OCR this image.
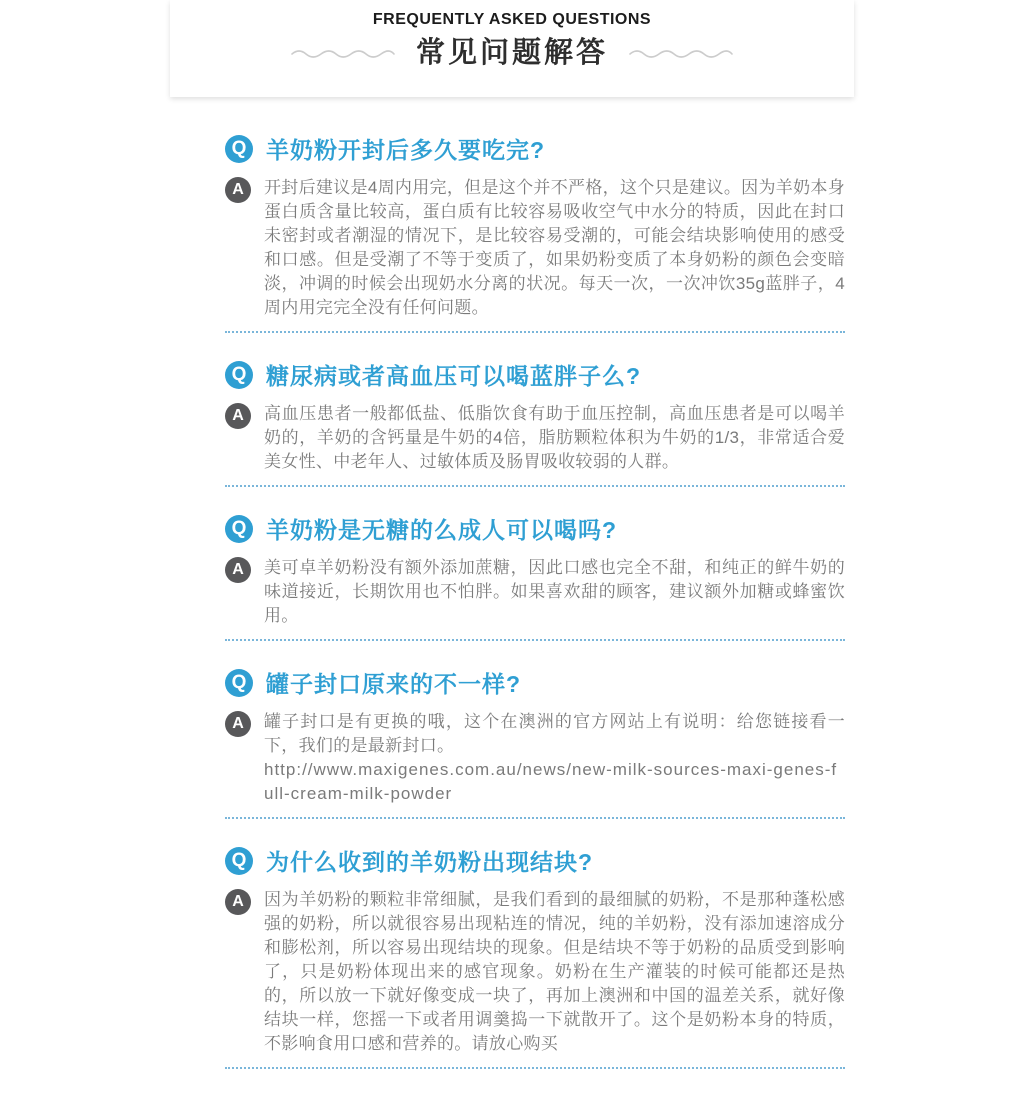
FREQUENTLY ASKED QUESTIONS
常见问题解答
Q 羊奶粉开封后多久要吃完?
A	开封后建议是4周内用完，但是这个并不严格，这个只是建议。因为羊奶本身蛋白质含量比较高，蛋白质有比较容易吸收空气中水分的特质，因此在封口未密封或者潮湿的情况下，是比较容易受潮的，可能会结块影响使用的感受和口感。但是受潮了不等于变质了，如果奶粉变质了本身奶粉的颜色会变暗淡，冲调的时候会出现奶水分离的状况。每天一次，一次冲饮35g蓝胖子，4周内用完完全没有任何问题。
Q 糖尿病或者高血压可以喝蓝胖子么?
A	高血压患者一般都低盐、低脂饮食有助于血压控制，高血压患者是可以喝羊奶的，羊奶的含钙量是牛奶的4倍，脂肪颗粒体积为牛奶的1/3，非常适合爱美女性、中老年人、过敏体质及肠胃吸收较弱的人群。
Q 羊奶粉是无糖的么成人可以喝吗?
A	美可卓羊奶粉没有额外添加蔗糖，因此口感也完全不甜，和纯正的鲜牛奶的味道接近，长期饮用也不怕胖。如果喜欢甜的顾客，建议额外加糖或蜂蜜饮用。
Q 罐子封口原来的不一样?
A	罐子封口是有更换的哦，这个在澳洲的官方网站上有说明：给您链接看一下，我们的是最新封口。
http://www.maxigenes.com.au/news/new-milk-sources-maxi-genes-full-cream-milk-powder
Q 为什么收到的羊奶粉出现结块?
A	因为羊奶粉的颗粒非常细腻，是我们看到的最细腻的奶粉，不是那种蓬松感强的奶粉，所以就很容易出现粘连的情况，纯的羊奶粉，没有添加速溶成分和膨松剂，所以容易出现结块的现象。但是结块不等于奶粉的品质受到影响了，只是奶粉体现出来的感官现象。奶粉在生产灌装的时候可能都还是热的，所以放一下就好像变成一块了，再加上澳洲和中国的温差关系，就好像结块一样，您摇一下或者用调羹捣一下就散开了。这个是奶粉本身的特质，不影响食用口感和营养的。请放心购买
